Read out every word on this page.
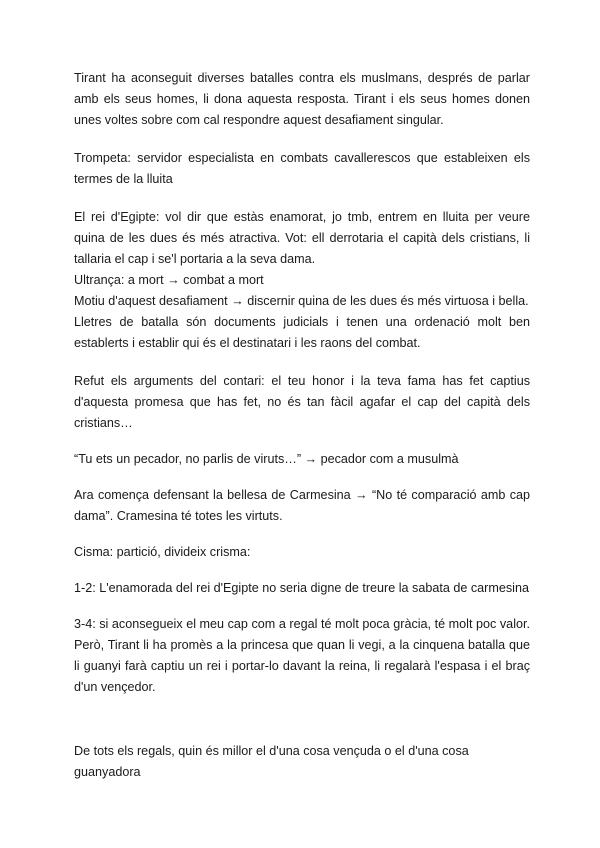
Tirant ha aconseguit diverses batalles contra els muslmans, després de parlar amb els seus homes, li dona aquesta resposta. Tirant i els seus homes donen unes voltes sobre com cal respondre aquest desafiament singular.

Trompeta: servidor especialista en combats cavallerescos que estableixen els termes de la lluita

El rei d'Egipte: vol dir que estàs enamorat, jo tmb, entrem en lluita per veure quina de les dues és més atractiva. Vot: ell derrotaria el capità dels cristians, li tallaria el cap i se'l portaria a la seva dama.

Ultrança: a mort → combat a mort

Motiu d'aquest desafiament → discernir quina de les dues és més virtuosa i bella.

Lletres de batalla són documents judicials i tenen una ordenació molt ben establerts i establir qui és el destinatari i les raons del combat.

Refut els arguments del contari: el teu honor i la teva fama has fet captius d'aquesta promesa que has fet, no és tan fàcil agafar el cap del capità dels cristians…

“Tu ets un pecador, no parlis de viruts…” → pecador com a musulmà

Ara comença defensant la bellesa de Carmesina → “No té comparació amb cap dama”. Cramesina té totes les virtuts.

Cisma: partició, divideix crisma:

1-2: L'enamorada del rei d'Egipte no seria digne de treure la sabata de carmesina

3-4: si aconsegueix el meu cap com a regal té molt poca gràcia, té molt poc valor. Però, Tirant li ha promès a la princesa que quan li vegi, a la cinquena batalla que li guanyi farà captiu un rei i portar-lo davant la reina, li regalarà l'espasa i el braç d'un vençedor.

De tots els regals, quin és millor el d'una cosa vençuda o el d'una cosa guanyadora
